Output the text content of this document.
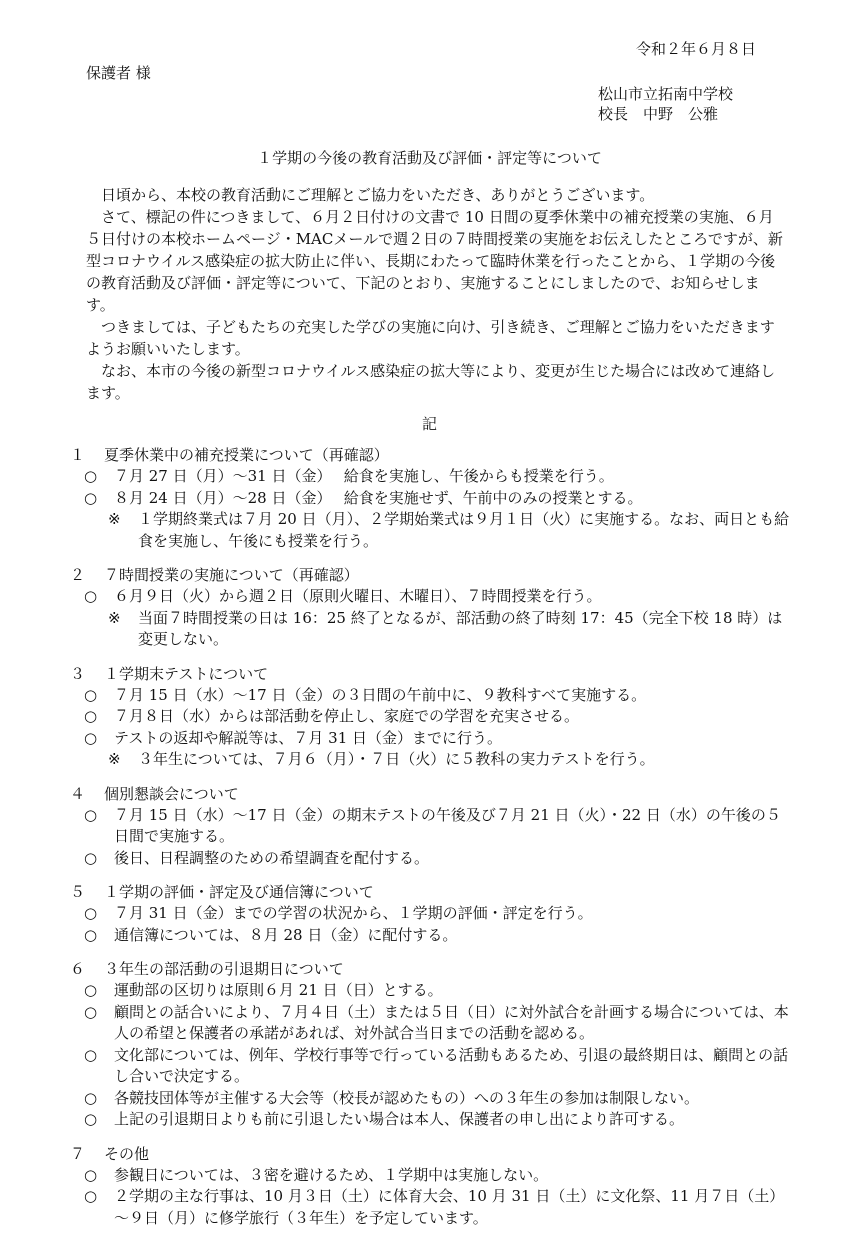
令和２年６月８日
保護者 様
松山市立拓南中学校
校長　中野　公雅
１学期の今後の教育活動及び評価・評定等について

日頃から、本校の教育活動にご理解とご協力をいただき、ありがとうございます。

さて、標記の件につきまして、６月２日付けの文書で 10 日間の夏季休業中の補充授業の実施、６月５日付けの本校ホームページ・MACメールで週２日の７時間授業の実施をお伝えしたところですが、新型コロナウイルス感染症の拡大防止に伴い、長期にわたって臨時休業を行ったことから、１学期の今後の教育活動及び評価・評定等について、下記のとおり、実施することにしましたので、お知らせします。

つきましては、子どもたちの充実した学びの実施に向け、引き続き、ご理解とご協力をいただきますようお願いいたします。

なお、本市の今後の新型コロナウイルス感染症の拡大等により、変更が生じた場合には改めて連絡します。

記
１ 夏季休業中の補充授業について（再確認）
○	７月 27 日（月）～31 日（金）　 給食を実施し、午後からも授業を行う。
○	８月 24 日（月）～28 日（金）　 給食を実施せず、午前中のみの授業とする。
※	１学期終業式は７月 20 日（月）、２学期始業式は９月１日（火）に実施する。なお、両日とも給食を実施し、午後にも授業を行う。
２ ７時間授業の実施について（再確認）
○	６月９日（火）から週２日（原則火曜日、木曜日）、７時間授業を行う。
※	当面７時間授業の日は 16：25 終了となるが、部活動の終了時刻 17：45（完全下校 18 時）は変更しない。
３ １学期末テストについて
○	７月 15 日（水）～17 日（金）の３日間の午前中に、９教科すべて実施する。
○	７月８日（水）からは部活動を停止し、家庭での学習を充実させる。
○	テストの返却や解説等は、７月 31 日（金）までに行う。
※	３年生については、７月６（月）・７日（火）に５教科の実力テストを行う。
４ 個別懇談会について
○	７月 15 日（水）～17 日（金）の期末テストの午後及び７月 21 日（火）・22 日（水）の午後の５日間で実施する。
○	後日、日程調整のための希望調査を配付する。
５ １学期の評価・評定及び通信簿について
○	７月 31 日（金）までの学習の状況から、１学期の評価・評定を行う。
○	通信簿については、８月 28 日（金）に配付する。
６ ３年生の部活動の引退期日について
○	運動部の区切りは原則６月 21 日（日）とする。
○	顧問との話合いにより、７月４日（土）または５日（日）に対外試合を計画する場合については、本人の希望と保護者の承諾があれば、対外試合当日までの活動を認める。
○	文化部については、例年、学校行事等で行っている活動もあるため、引退の最終期日は、顧問との話し合いで決定する。
○	各競技団体等が主催する大会等（校長が認めたもの）への３年生の参加は制限しない。
○	上記の引退期日よりも前に引退したい場合は本人、保護者の申し出により許可する。
７ その他
○	参観日については、３密を避けるため、１学期中は実施しない。
○	２学期の主な行事は、10 月３日（土）に体育大会、10 月 31 日（土）に文化祭、11 月７日（土）～９日（月）に修学旅行（３年生）を予定しています。
